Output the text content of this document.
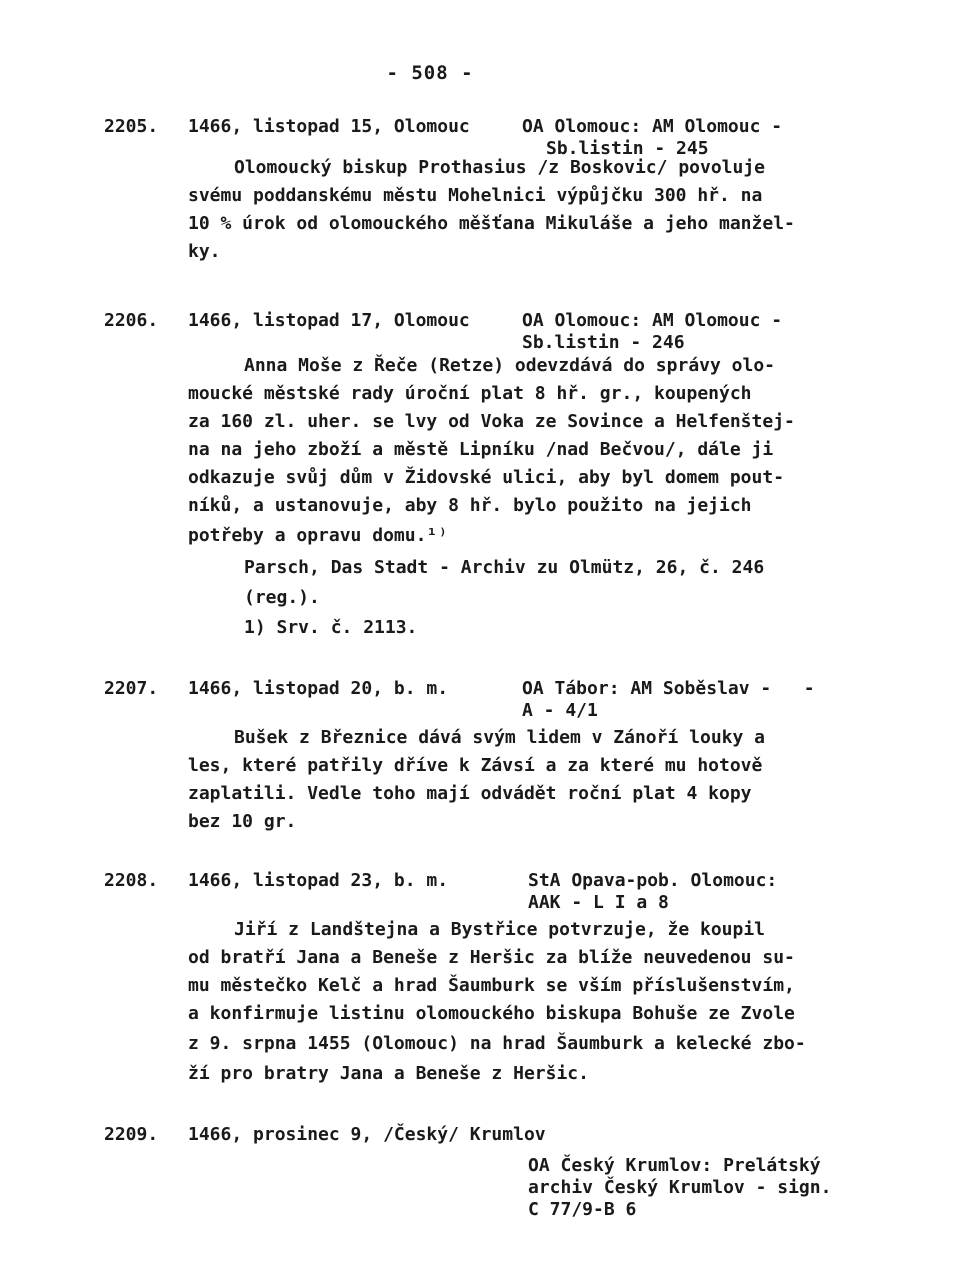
- 508 -
2205. 1466, listopad 15, Olomouc	OA Olomouc: AM Olomouc -
Sb.listin - 245
Olomoucký biskup Prothasius /z Boskovic/ povoluje
svému poddanskému městu Mohelnici výpůjčku 300 hř. na
10 % úrok od olomouckého měšťana Mikuláše a jeho manžel-
ky.
2206. 1466, listopad 17, Olomouc	OA Olomouc: AM Olomouc -
Sb.listin - 246
Anna Moše z Řeče (Retze) odevzdává do správy olo-
moucké městské rady úroční plat 8 hř. gr., koupených
za 160 zl. uher. se lvy od Voka ze Sovince a Helfenštej-
na na jeho zboží a městě Lipníku /nad Bečvou/, dále ji
odkazuje svůj dům v Židovské ulici, aby byl domem pout-
níků, a ustanovuje, aby 8 hř. bylo použito na jejich
potřeby a opravu domu.¹⁾
Parsch, Das Stadt - Archiv zu Olmütz, 26, č. 246
(reg.).
1) Srv. č. 2113.
2207. 1466, listopad 20, b. m.	OA Tábor: AM Soběslav -   -
A - 4/1
Bušek z Březnice dává svým lidem v Zánoří louky a
les, které patřily dříve k Závsí a za které mu hotově
zaplatili. Vedle toho mají odvádět roční plat 4 kopy
bez 10 gr.
2208. 1466, listopad 23, b. m.	StA Opava-pob. Olomouc:
AAK - L I a 8
Jiří z Landštejna a Bystřice potvrzuje, že koupil
od bratří Jana a Beneše z Heršic za blíže neuvedenou su-
mu městečko Kelč a hrad Šaumburk se vším příslušenstvím,
a konfirmuje listinu olomouckého biskupa Bohuše ze Zvole
z 9. srpna 1455 (Olomouc) na hrad Šaumburk a kelecké zbo-
ží pro bratry Jana a Beneše z Heršic.
2209. 1466, prosinec 9, /Český/ Krumlov
OA Český Krumlov: Prelátský
archiv Český Krumlov - sign.
C 77/9-B 6
